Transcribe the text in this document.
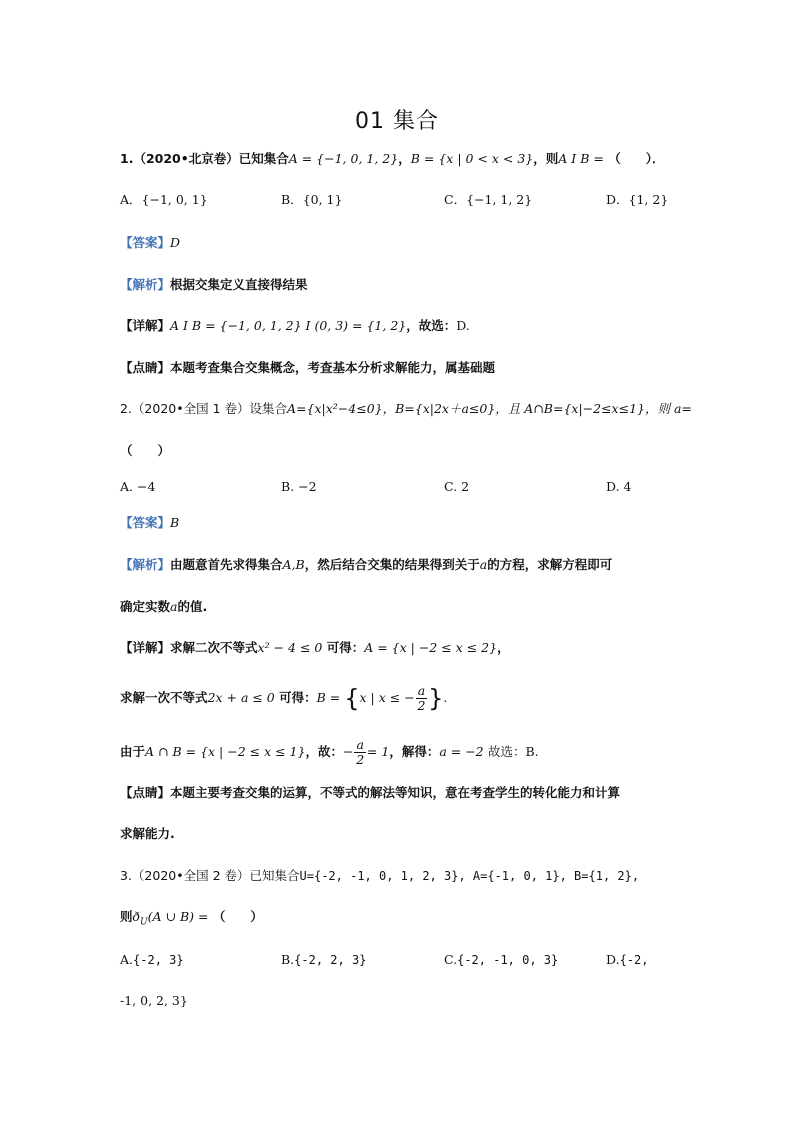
01 集合
1.（2020•北京卷）已知集合A = {−1, 0, 1, 2}，B = {x | 0 < x < 3}，则A I B = （　　）．
A．{−1, 0, 1}	B．{0, 1}	C．{−1, 1, 2}	D．{1, 2}
【答案】D
【解析】根据交集定义直接得结果
【详解】A I B = {−1, 0, 1, 2} I (0, 3) = {1, 2}，故选：D.
【点睛】本题考查集合交集概念，考查基本分析求解能力，属基础题
2.（2020•全国 1 卷）设集合A={x|x²−4≤0}，B={x|2x＋a≤0}，且 A∩B={x|−2≤x≤1}，则 a=
（　　）
A. −4	B. −2	C. 2	D. 4
【答案】B
【解析】由题意首先求得集合A,B，然后结合交集的结果得到关于a的方程，求解方程即可
确定实数a的值.
【详解】求解二次不等式x² − 4 ≤ 0 可得：A = {x | −2 ≤ x ≤ 2}，
求解一次不等式2x + a ≤ 0 可得：B = {x | x ≤ − $\frac{a}{2}$ }.
由于A ∩ B = {x | −2 ≤ x ≤ 1}，故：− $\frac{a}{2} = 1$，解得：a = −2 故选：B.
【点睛】本题主要考查交集的运算，不等式的解法等知识，意在考查学生的转化能力和计算
求解能力.
3.（2020•全国 2 卷）已知集合U={-2, -1, 0, 1, 2, 3}, A={-1, 0, 1}, B={1, 2},
则$ð_U(A$ ∪ B) = （　　）
A.{-2, 3}	B.{-2, 2, 3}	C.{-2, -1, 0, 3}	D.{-2,
-1, 0, 2, 3}
